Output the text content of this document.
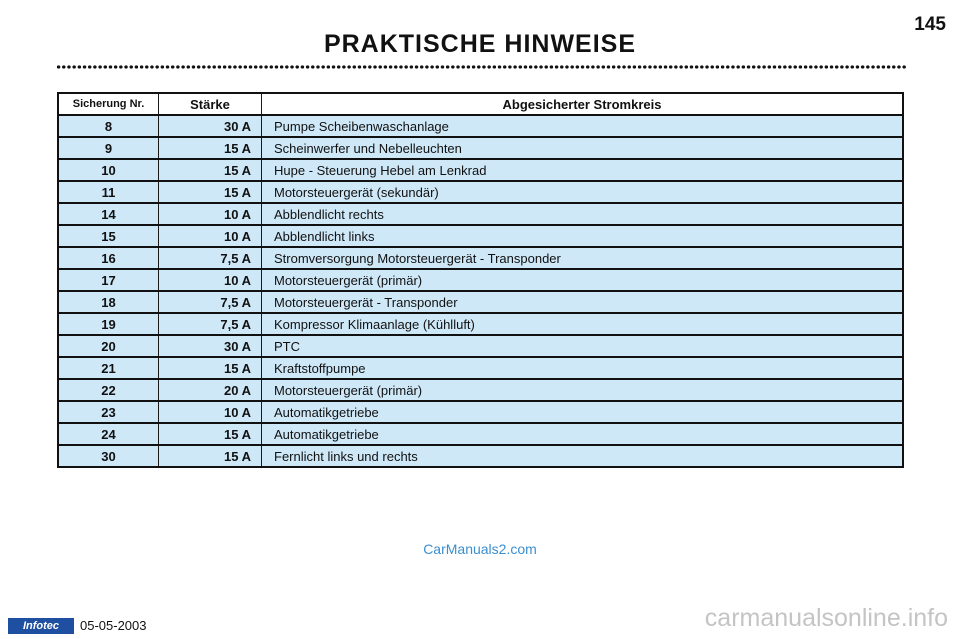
145
PRAKTISCHE HINWEISE
Sicherung Nr.	Stärke	Abgesicherter Stromkreis
8	30 A	Pumpe Scheibenwaschanlage
9	15 A	Scheinwerfer und Nebelleuchten
10	15 A	Hupe - Steuerung Hebel am Lenkrad
11	15 A	Motorsteuergerät (sekundär)
14	10 A	Abblendlicht rechts
15	10 A	Abblendlicht links
16	7,5 A	Stromversorgung Motorsteuergerät - Transponder
17	10 A	Motorsteuergerät (primär)
18	7,5 A	Motorsteuergerät - Transponder
19	7,5 A	Kompressor Klimaanlage (Kühlluft)
20	30 A	PTC
21	15 A	Kraftstoffpumpe
22	20 A	Motorsteuergerät (primär)
23	10 A	Automatikgetriebe
24	15 A	Automatikgetriebe
30	15 A	Fernlicht links und rechts
CarManuals2.com
Infotec	05-05-2003	carmanualsonline.info
